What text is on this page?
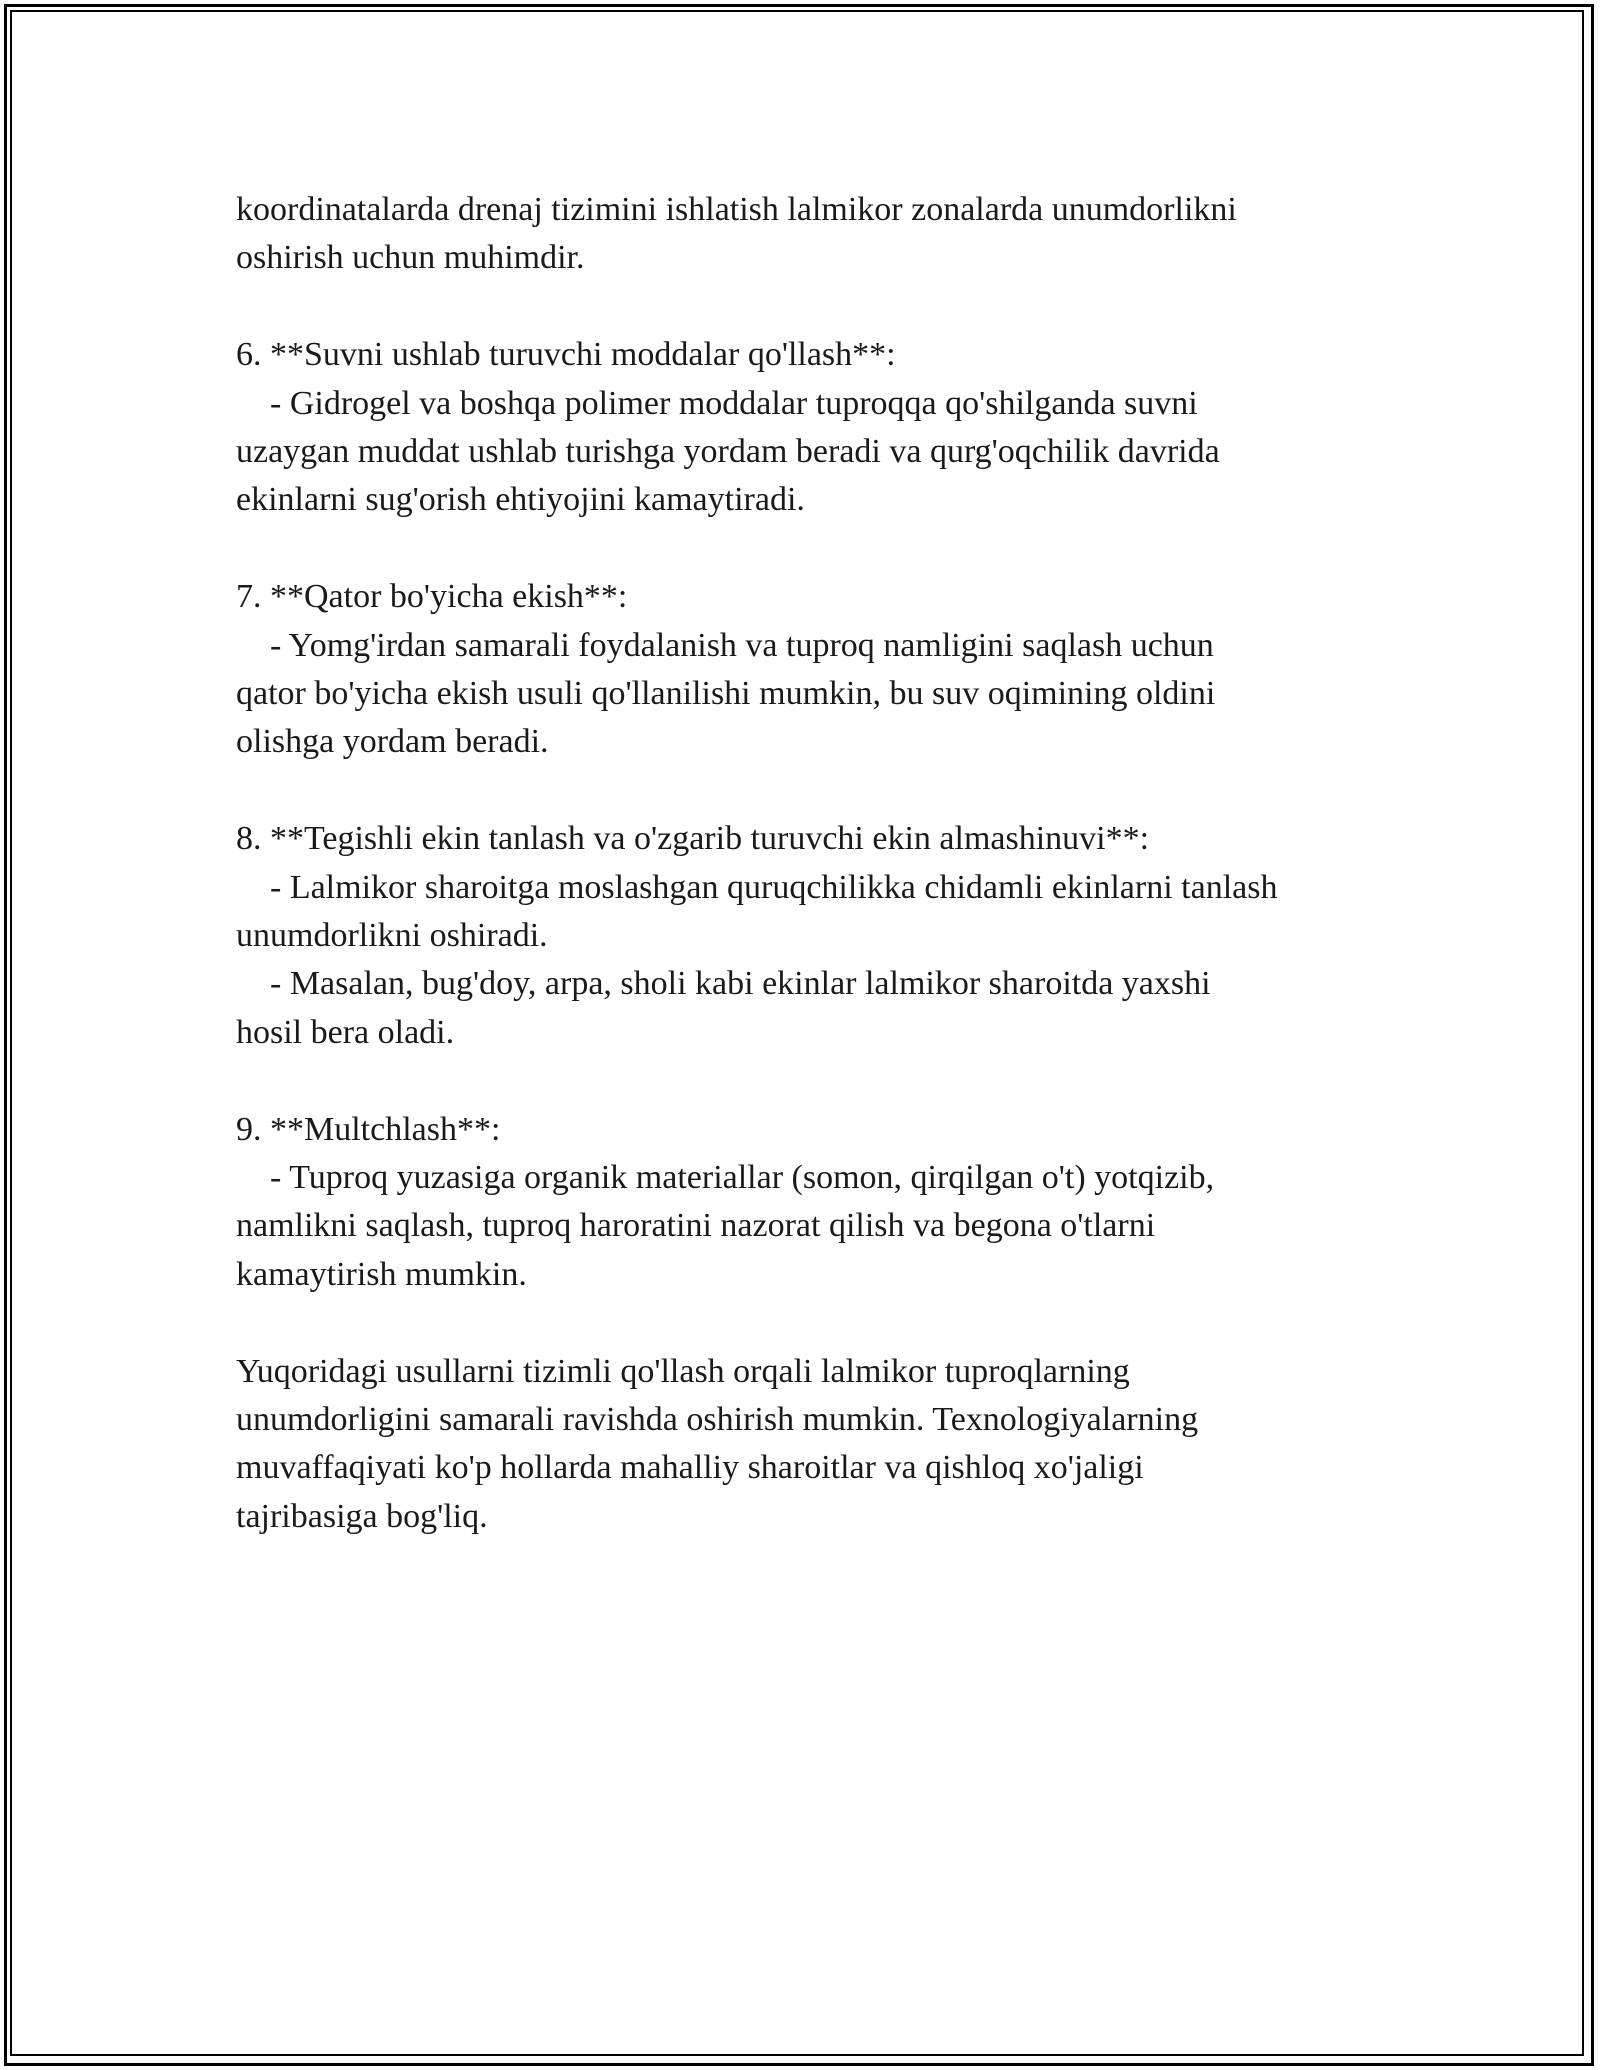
koordinatalarda drenaj tizimini ishlatish lalmikor zonalarda unumdorlikni
oshirish uchun muhimdir.
6. **Suvni ushlab turuvchi moddalar qo'llash**:
- Gidrogel va boshqa polimer moddalar tuproqqa qo'shilganda suvni
uzaygan muddat ushlab turishga yordam beradi va qurg'oqchilik davrida
ekinlarni sug'orish ehtiyojini kamaytiradi.
7. **Qator bo'yicha ekish**:
- Yomg'irdan samarali foydalanish va tuproq namligini saqlash uchun
qator bo'yicha ekish usuli qo'llanilishi mumkin, bu suv oqimining oldini
olishga yordam beradi.
8. **Tegishli ekin tanlash va o'zgarib turuvchi ekin almashinuvi**:
- Lalmikor sharoitga moslashgan quruqchilikka chidamli ekinlarni tanlash
unumdorlikni oshiradi.
- Masalan, bug'doy, arpa, sholi kabi ekinlar lalmikor sharoitda yaxshi
hosil bera oladi.
9. **Multchlash**:
- Tuproq yuzasiga organik materiallar (somon, qirqilgan o't) yotqizib,
namlikni saqlash, tuproq haroratini nazorat qilish va begona o'tlarni
kamaytirish mumkin.
Yuqoridagi usullarni tizimli qo'llash orqali lalmikor tuproqlarning
unumdorligini samarali ravishda oshirish mumkin. Texnologiyalarning
muvaffaqiyati ko'p hollarda mahalliy sharoitlar va qishloq xo'jaligi
tajribasiga bog'liq.
